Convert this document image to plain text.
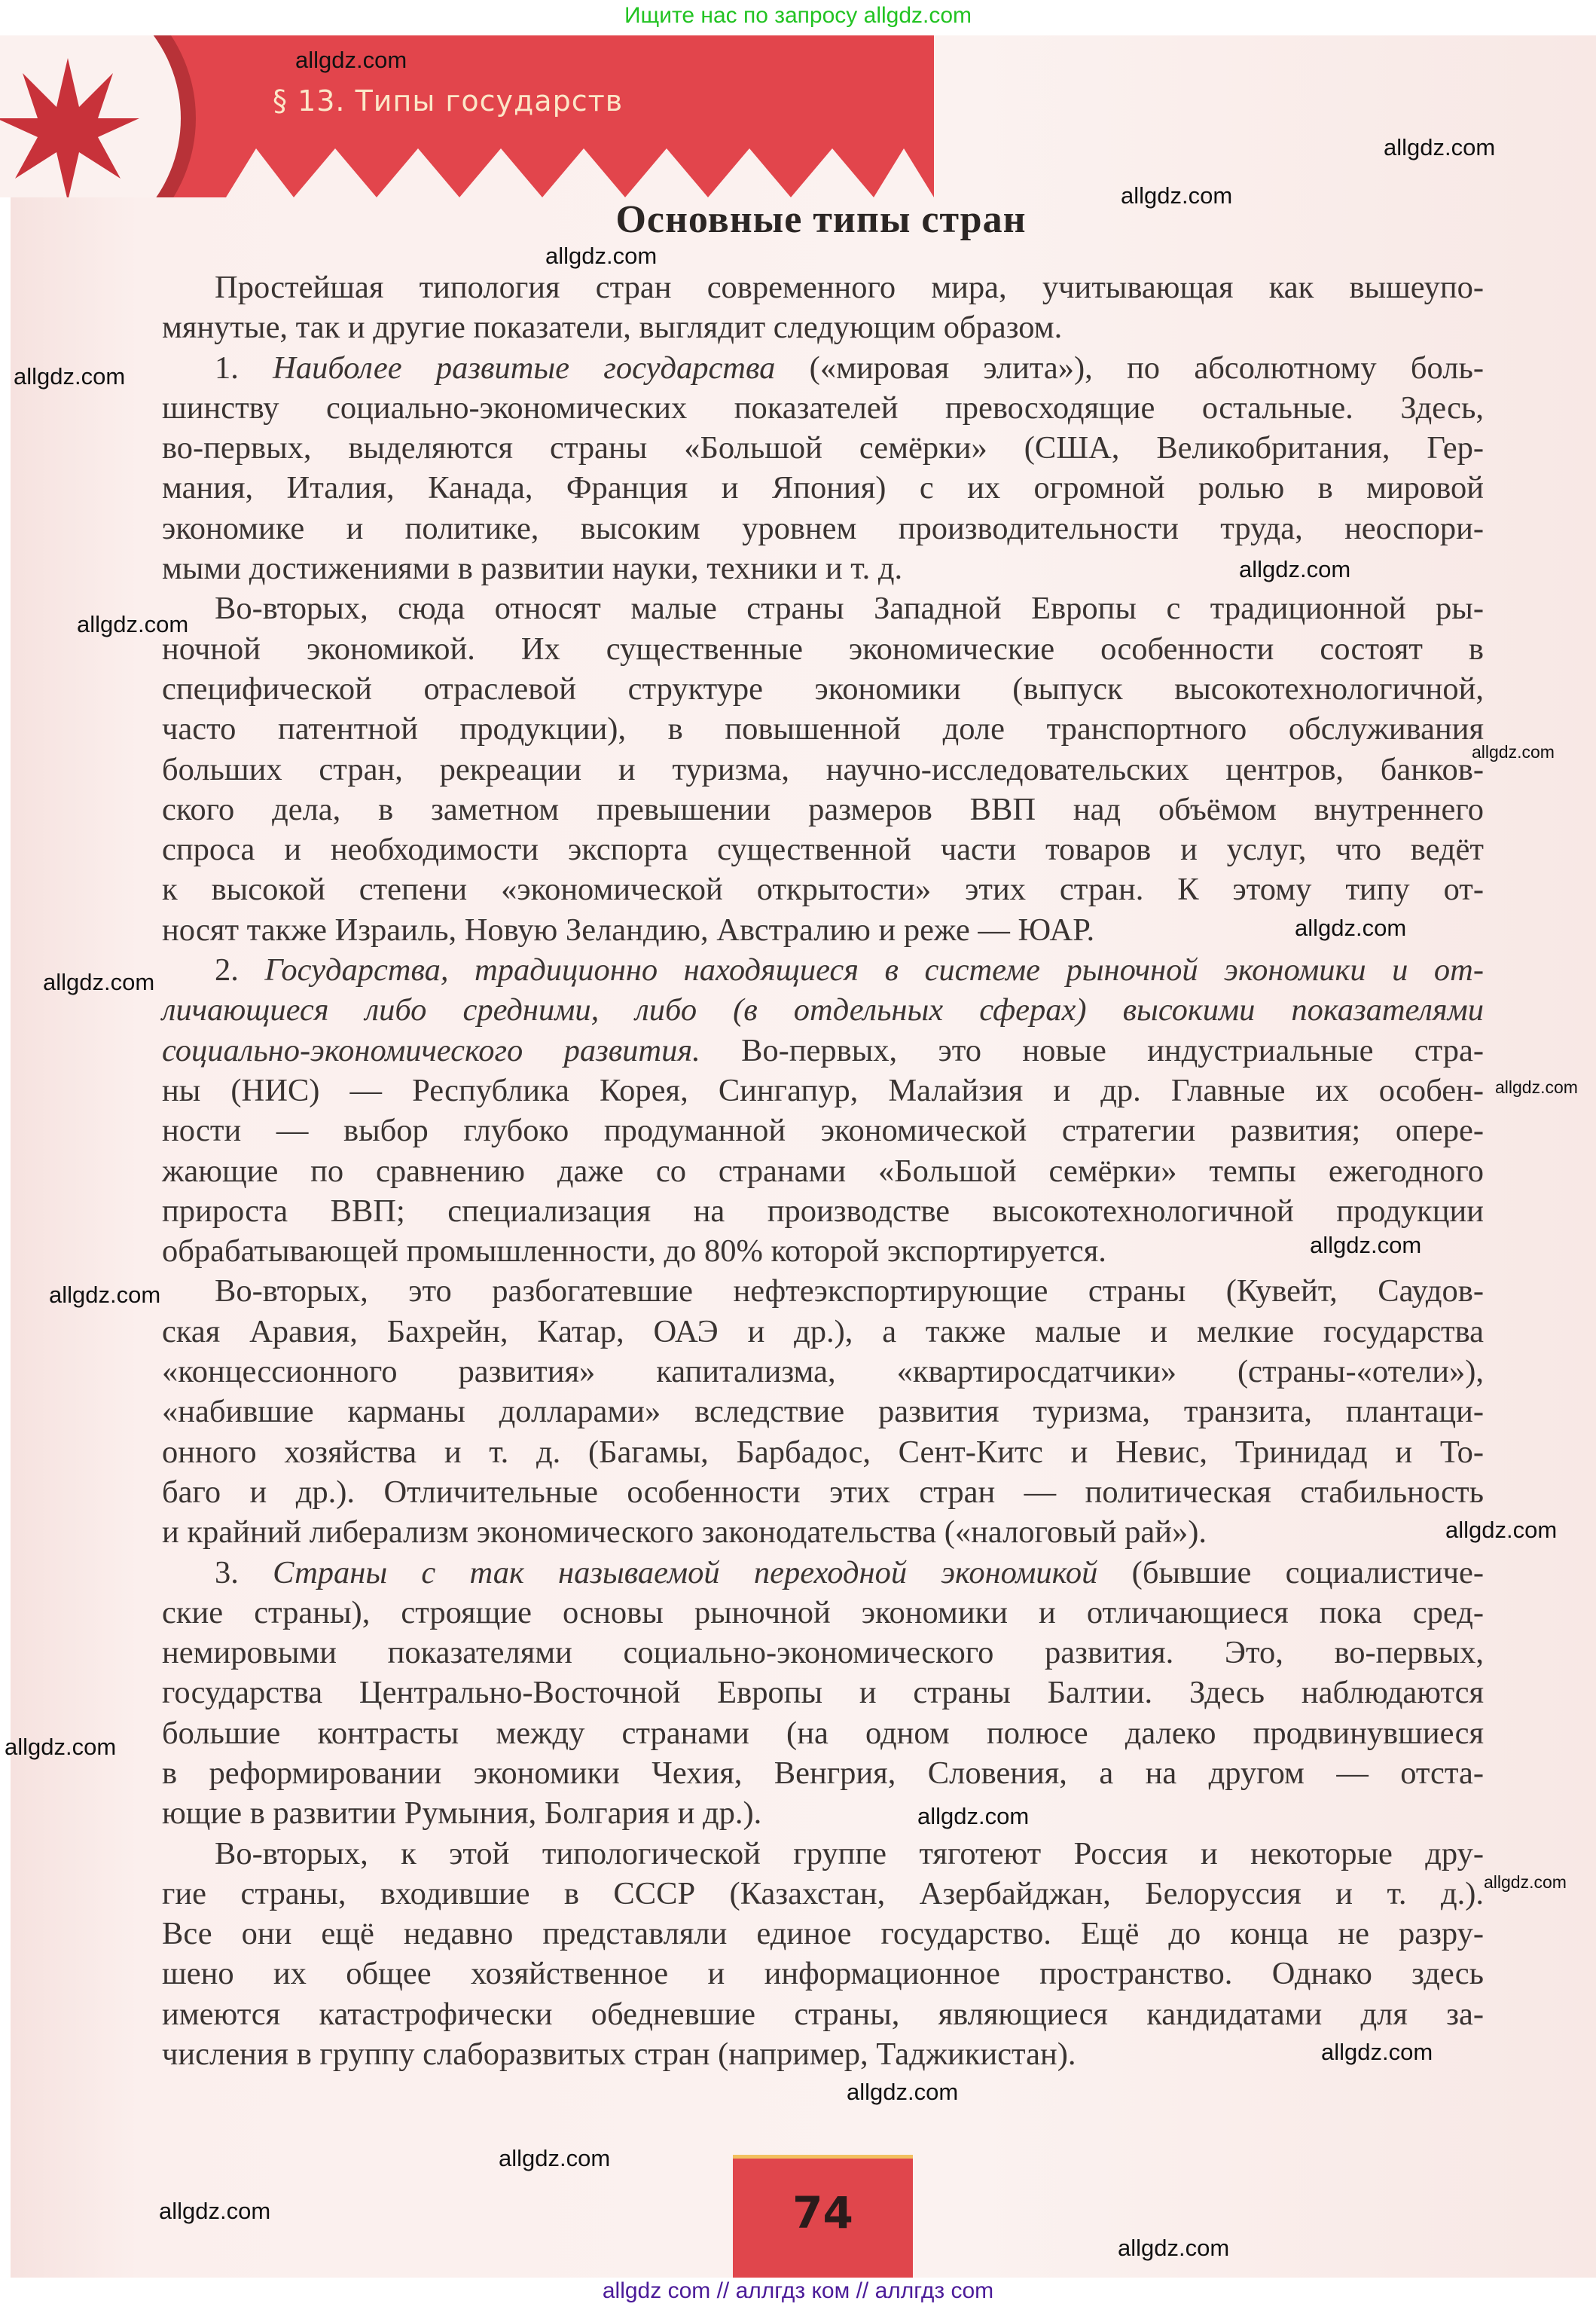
Ищите нас по запросу allgdz.com
§ 13. Типы государств
Основные типы стран
Простейшая типология стран современного мира, учитывающая как вышеупо-
мянутые, так и другие показатели, выглядит следующим образом.
1. Наиболее развитые государства («мировая элита»), по абсолютному боль-
шинству социально-экономических показателей превосходящие остальные. Здесь,
во-первых, выделяются страны «Большой семёрки» (США, Великобритания, Гер-
мания, Италия, Канада, Франция и Япония) с их огромной ролью в мировой
экономике и политике, высоким уровнем производительности труда, неоспори-
мыми достижениями в развитии науки, техники и т. д.
Во-вторых, сюда относят малые страны Западной Европы с традиционной ры-
ночной экономикой. Их существенные экономические особенности состоят в
специфической отраслевой структуре экономики (выпуск высокотехнологичной,
часто патентной продукции), в повышенной доле транспортного обслуживания
больших стран, рекреации и туризма, научно-исследовательских центров, банков-
ского дела, в заметном превышении размеров ВВП над объёмом внутреннего
спроса и необходимости экспорта существенной части товаров и услуг, что ведёт
к высокой степени «экономической открытости» этих стран. К этому типу от-
носят также Израиль, Новую Зеландию, Австралию и реже — ЮАР.
2. Государства, традиционно находящиеся в системе рыночной экономики и от-
личающиеся либо средними, либо (в отдельных сферах) высокими показателями
социально-экономического развития. Во-первых, это новые индустриальные стра-
ны (НИС) — Республика Корея, Сингапур, Малайзия и др. Главные их особен-
ности — выбор глубоко продуманной экономической стратегии развития; опере-
жающие по сравнению даже со странами «Большой семёрки» темпы ежегодного
прироста ВВП; специализация на производстве высокотехнологичной продукции
обрабатывающей промышленности, до 80% которой экспортируется.
Во-вторых, это разбогатевшие нефтеэкспортирующие страны (Кувейт, Саудов-
ская Аравия, Бахрейн, Катар, ОАЭ и др.), а также малые и мелкие государства
«концессионного развития» капитализма, «квартиросдатчики» (страны-«отели»),
«набившие карманы долларами» вследствие развития туризма, транзита, плантаци-
онного хозяйства и т. д. (Багамы, Барбадос, Сент-Китс и Невис, Тринидад и То-
баго и др.). Отличительные особенности этих стран — политическая стабильность
и крайний либерализм экономического законодательства («налоговый рай»).
3. Страны с так называемой переходной экономикой (бывшие социалистиче-
ские страны), строящие основы рыночной экономики и отличающиеся пока сред-
немировыми показателями социально-экономического развития. Это, во-первых,
государства Центрально-Восточной Европы и страны Балтии. Здесь наблюдаются
большие контрасты между странами (на одном полюсе далеко продвинувшиеся
в реформировании экономики Чехия, Венгрия, Словения, а на другом — отста-
ющие в развитии Румыния, Болгария и др.).
Во-вторых, к этой типологической группе тяготеют Россия и некоторые дру-
гие страны, входившие в СССР (Казахстан, Азербайджан, Белоруссия и т. д.).
Все они ещё недавно представляли единое государство. Ещё до конца не разру-
шено их общее хозяйственное и информационное пространство. Однако здесь
имеются катастрофически обедневшие страны, являющиеся кандидатами для за-
числения в группу слаборазвитых стран (например, Таджикистан).
allgdz.com
allgdz.com
allgdz.com
allgdz.com
allgdz.com
allgdz.com
allgdz.com
allgdz.com
allgdz.com
allgdz.com
allgdz.com
allgdz.com
allgdz.com
allgdz.com
allgdz.com
allgdz.com
allgdz.com
allgdz.com
allgdz.com
allgdz.com
allgdz.com
allgdz.com
74
allgdz com // аллгдз ком // аллгдз com
